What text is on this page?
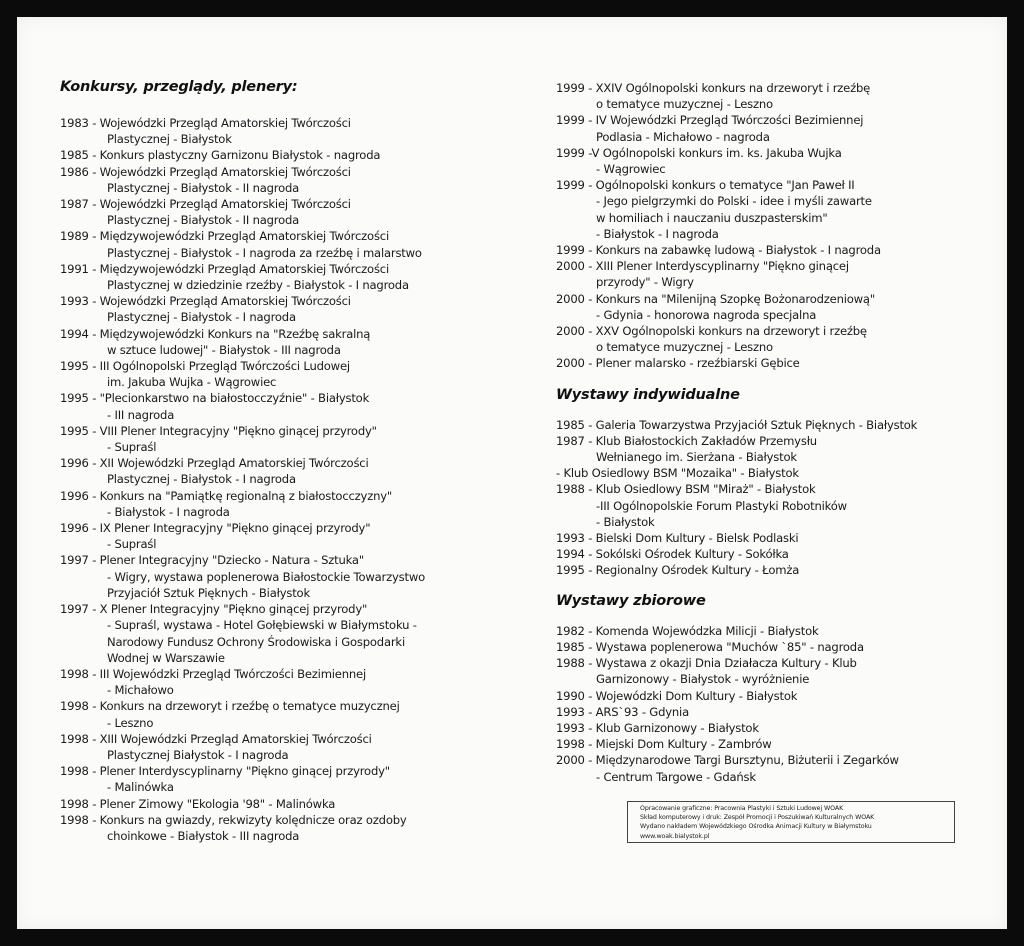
Konkursy, przeglądy, plenery:
1983 - Wojewódzki Przegląd Amatorskiej Twórczości
Plastycznej - Białystok
1985 - Konkurs plastyczny Garnizonu Białystok - nagroda
1986 - Wojewódzki Przegląd Amatorskiej Twórczości
Plastycznej - Białystok - II nagroda
1987 - Wojewódzki Przegląd Amatorskiej Twórczości
Plastycznej - Białystok - II nagroda
1989 - Międzywojewódzki Przegląd Amatorskiej Twórczości
Plastycznej - Białystok - I nagroda za rzeźbę i malarstwo
1991 - Międzywojewódzki Przegląd Amatorskiej Twórczości
Plastycznej w dziedzinie rzeźby - Białystok - I nagroda
1993 - Wojewódzki Przegląd Amatorskiej Twórczości
Plastycznej - Białystok - I nagroda
1994 - Międzywojewódzki Konkurs na "Rzeźbę sakralną
w sztuce ludowej" - Białystok - III nagroda
1995 - III Ogólnopolski Przegląd Twórczości Ludowej
im. Jakuba Wujka - Wągrowiec
1995 - "Plecionkarstwo na białostocczyźnie" - Białystok
- III nagroda
1995 - VIII Plener Integracyjny "Piękno ginącej przyrody"
- Supraśl
1996 - XII Wojewódzki Przegląd Amatorskiej Twórczości
Plastycznej - Białystok - I nagroda
1996 - Konkurs na "Pamiątkę regionalną z białostocczyzny"
- Białystok - I nagroda
1996 - IX Plener Integracyjny "Piękno ginącej przyrody"
- Supraśl
1997 - Plener Integracyjny "Dziecko - Natura - Sztuka"
- Wigry, wystawa poplenerowa Białostockie Towarzystwo
Przyjaciół Sztuk Pięknych - Białystok
1997 - X Plener Integracyjny "Piękno ginącej przyrody"
- Supraśl, wystawa - Hotel Gołębiewski w Białymstoku -
Narodowy Fundusz Ochrony Środowiska i Gospodarki
Wodnej w Warszawie
1998 - III Wojewódzki Przegląd Twórczości Bezimiennej
- Michałowo
1998 - Konkurs na drzeworyt i rzeźbę o tematyce muzycznej
- Leszno
1998 - XIII Wojewódzki Przegląd Amatorskiej Twórczości
Plastycznej Białystok - I nagroda
1998 - Plener Interdyscyplinarny "Piękno ginącej przyrody"
- Malinówka
1998 - Plener Zimowy "Ekologia '98" - Malinówka
1998 - Konkurs na gwiazdy, rekwizyty kolędnicze oraz ozdoby
choinkowe - Białystok - III nagroda
1999 - XXIV Ogólnopolski konkurs na drzeworyt i rzeźbę
o tematyce muzycznej - Leszno
1999 - IV Wojewódzki Przegląd Twórczości Bezimiennej
Podlasia - Michałowo - nagroda
1999 -V Ogólnopolski konkurs im. ks. Jakuba Wujka
- Wągrowiec
1999 - Ogólnopolski konkurs o tematyce "Jan Paweł II
- Jego pielgrzymki do Polski - idee i myśli zawarte
w homiliach i nauczaniu duszpasterskim"
- Białystok - I nagroda
1999 - Konkurs na zabawkę ludową - Białystok - I nagroda
2000 - XIII Plener Interdyscyplinarny "Piękno ginącej
przyrody" - Wigry
2000 - Konkurs na "Milenijną Szopkę Bożonarodzeniową"
- Gdynia - honorowa nagroda specjalna
2000 - XXV Ogólnopolski konkurs na drzeworyt i rzeźbę
o tematyce muzycznej - Leszno
2000 - Plener malarsko - rzeźbiarski Gębice
Wystawy indywidualne
1985 - Galeria Towarzystwa Przyjaciół Sztuk Pięknych - Białystok
1987 - Klub Białostockich Zakładów Przemysłu
Wełnianego im. Sierżana - Białystok
- Klub Osiedlowy BSM "Mozaika" - Białystok
1988 - Klub Osiedlowy BSM "Miraż" - Białystok
-III Ogólnopolskie Forum Plastyki Robotników
- Białystok
1993 - Bielski Dom Kultury - Bielsk Podlaski
1994 - Sokólski Ośrodek Kultury - Sokółka
1995 - Regionalny Ośrodek Kultury - Łomża
Wystawy zbiorowe
1982 - Komenda Wojewódzka Milicji - Białystok
1985 - Wystawa poplenerowa "Muchów `85" - nagroda
1988 - Wystawa z okazji Dnia Działacza Kultury - Klub
Garnizonowy - Białystok - wyróżnienie
1990 - Wojewódzki Dom Kultury - Białystok
1993 - ARS`93 - Gdynia
1993 - Klub Garnizonowy - Białystok
1998 - Miejski Dom Kultury - Zambrów
2000 - Międzynarodowe Targi Bursztynu, Biżuterii i Zegarków
- Centrum Targowe - Gdańsk
Opracowanie graficzne: Pracownia Plastyki i Sztuki Ludowej WOAK
Skład komputerowy i druk: Zespół Promocji i Poszukiwań Kulturalnych WOAK
Wydano nakładem Wojewódzkiego Ośrodka Animacji Kultury w Białymstoku
www.woak.bialystok.pl
